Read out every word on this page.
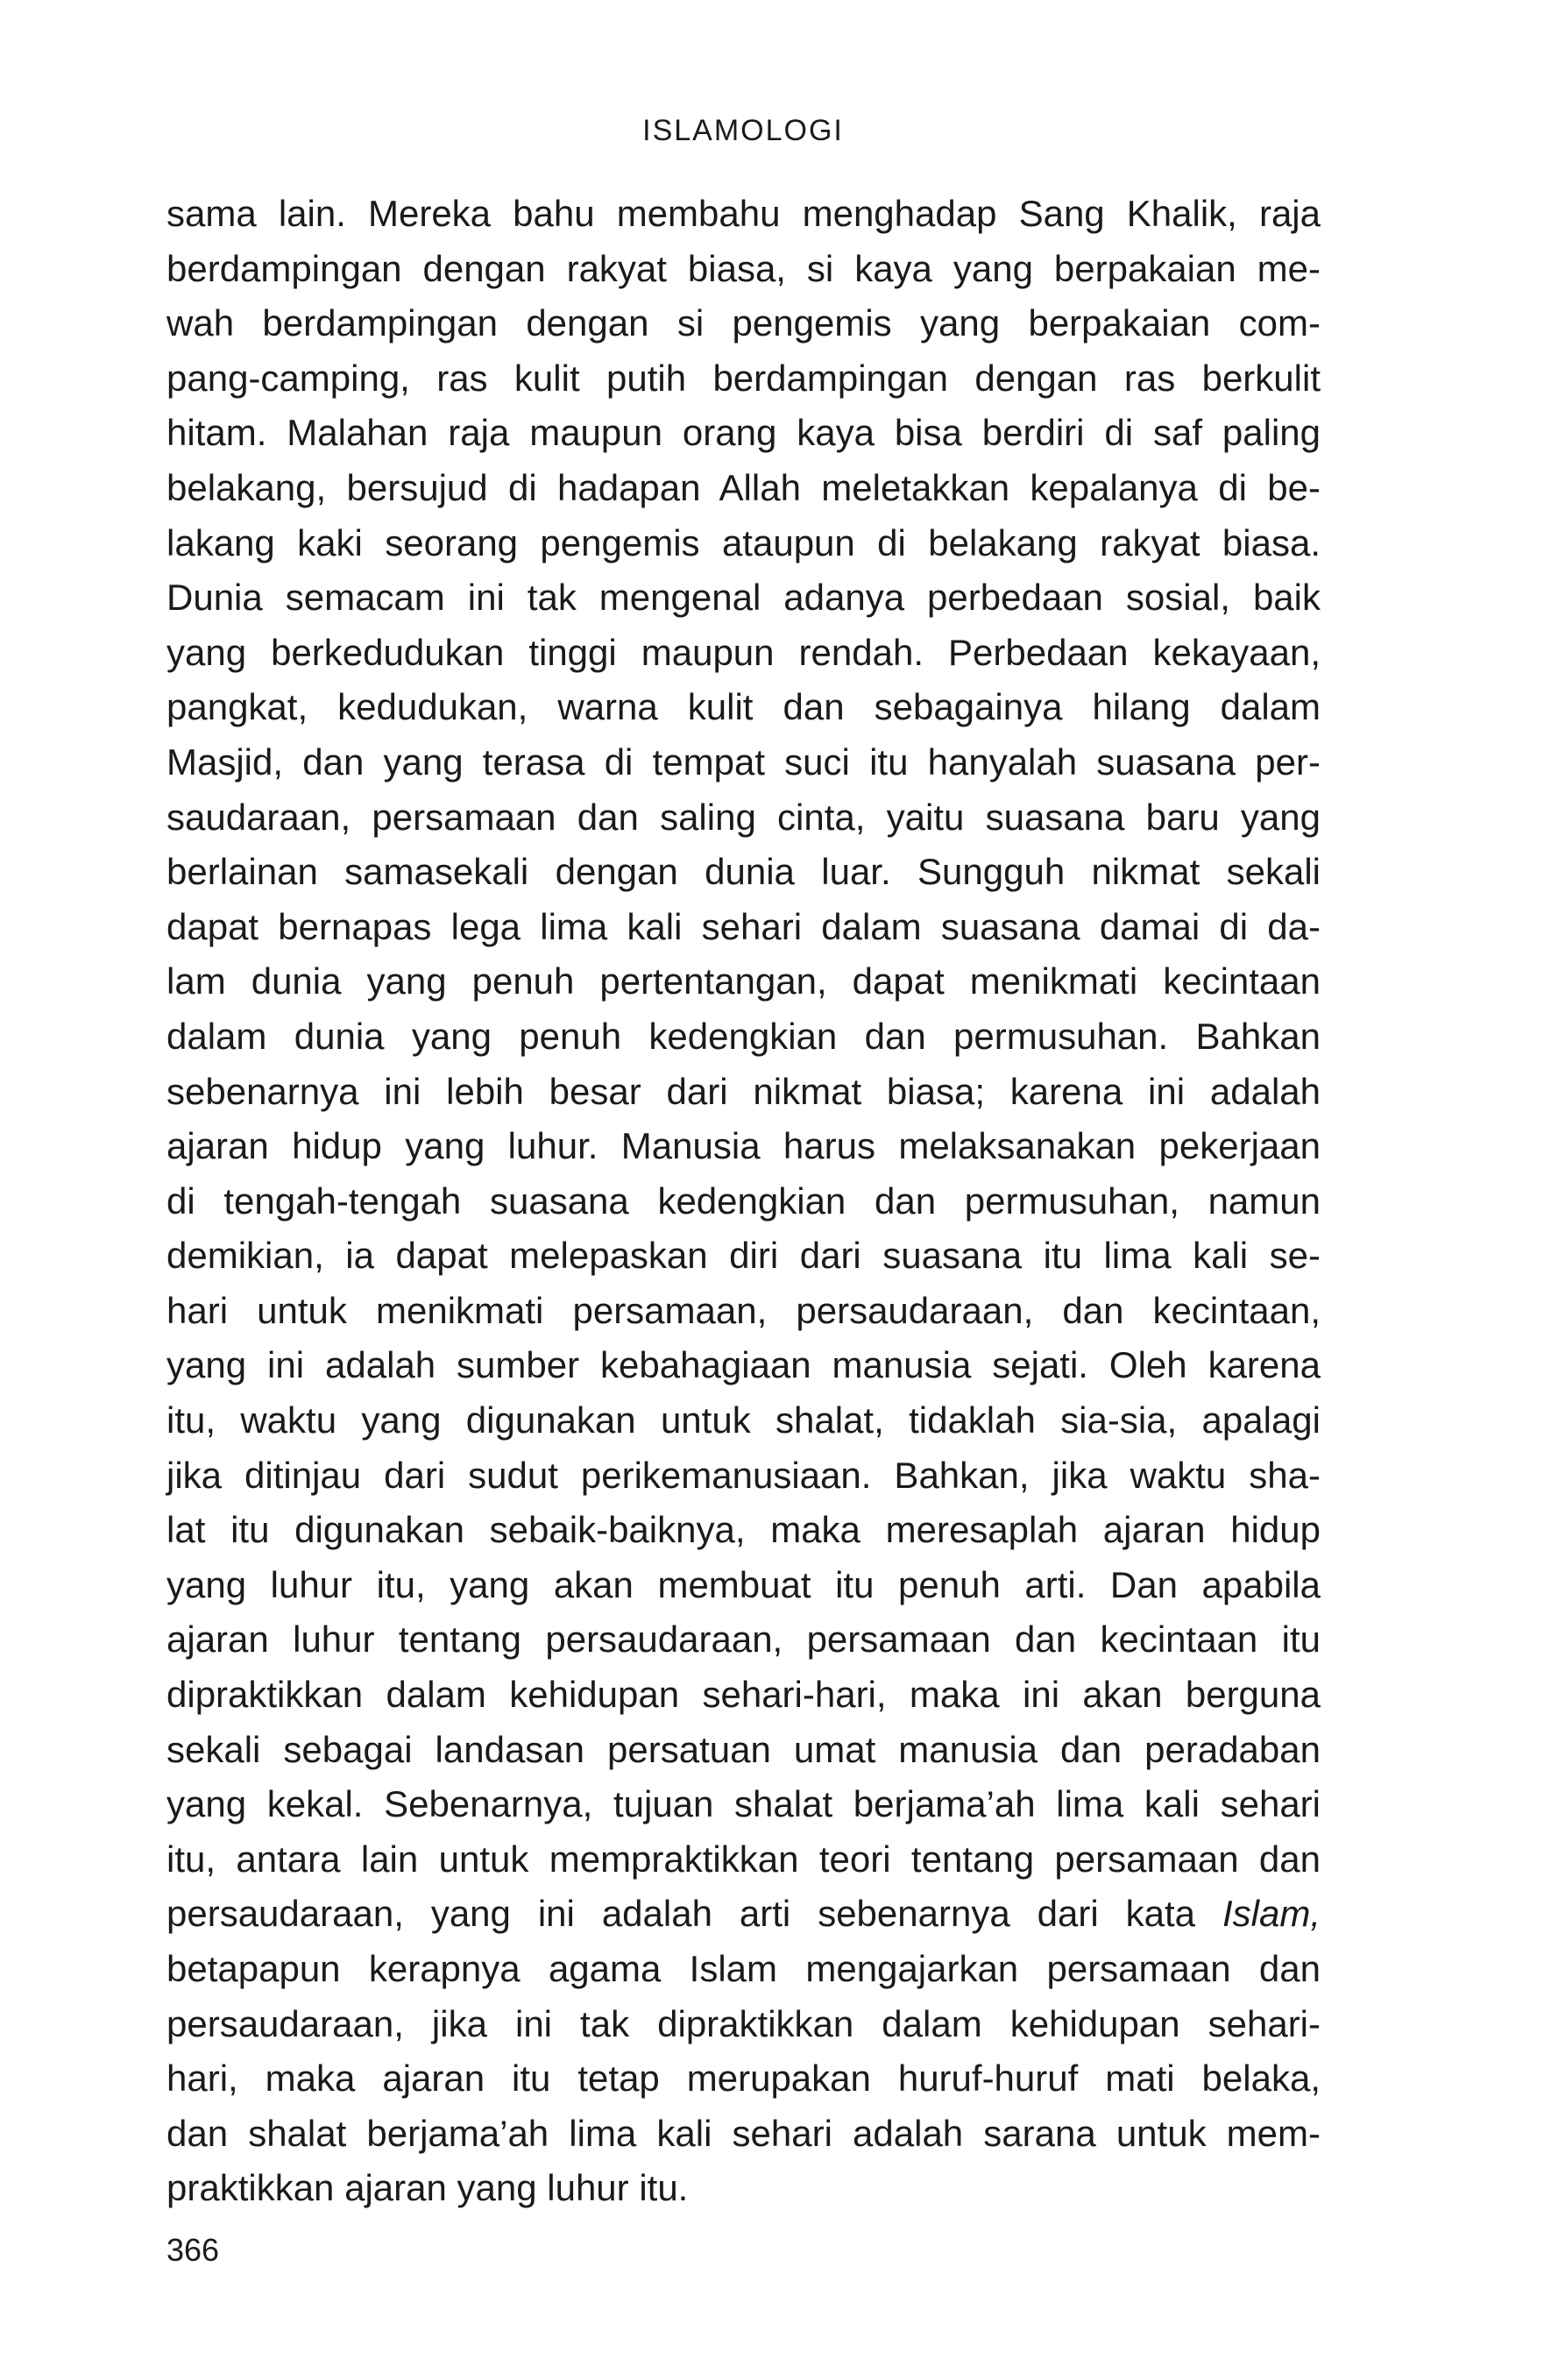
ISLAMOLOGI
sama lain. Mereka bahu membahu menghadap Sang Khalik, raja
berdampingan dengan rakyat biasa, si kaya yang berpakaian me-
wah berdampingan dengan si pengemis yang berpakaian com-
pang-camping, ras kulit putih berdampingan dengan ras berkulit
hitam. Malahan raja maupun orang kaya bisa berdiri di saf paling
belakang, bersujud di hadapan Allah meletakkan kepalanya di be-
lakang kaki seorang pengemis ataupun di belakang rakyat biasa.
Dunia semacam ini tak mengenal adanya perbedaan sosial, baik
yang berkedudukan tinggi maupun rendah. Perbedaan kekayaan,
pangkat, kedudukan, warna kulit dan sebagainya hilang dalam
Masjid, dan yang terasa di tempat suci itu hanyalah suasana per-
saudaraan, persamaan dan saling cinta, yaitu suasana baru yang
berlainan samasekali dengan dunia luar. Sungguh nikmat sekali
dapat bernapas lega lima kali sehari dalam suasana damai di da-
lam dunia yang penuh pertentangan, dapat menikmati kecintaan
dalam dunia yang penuh kedengkian dan permusuhan. Bahkan
sebenarnya ini lebih besar dari nikmat biasa; karena ini adalah
ajaran hidup yang luhur. Manusia harus melaksanakan pekerjaan
di tengah-tengah suasana kedengkian dan permusuhan, namun
demikian, ia dapat melepaskan diri dari suasana itu lima kali se-
hari untuk menikmati persamaan, persaudaraan, dan kecintaan,
yang ini adalah sumber kebahagiaan manusia sejati. Oleh karena
itu, waktu yang digunakan untuk shalat, tidaklah sia-sia, apalagi
jika ditinjau dari sudut perikemanusiaan. Bahkan, jika waktu sha-
lat itu digunakan sebaik-baiknya, maka meresaplah ajaran hidup
yang luhur itu, yang akan membuat itu penuh arti. Dan apabila
ajaran luhur tentang persaudaraan, persamaan dan kecintaan itu
dipraktikkan dalam kehidupan sehari-hari, maka ini akan berguna
sekali sebagai landasan persatuan umat manusia dan peradaban
yang kekal. Sebenarnya, tujuan shalat berjama’ah lima kali sehari
itu, antara lain untuk mempraktikkan teori tentang persamaan dan
persaudaraan, yang ini adalah arti sebenarnya dari kata Islam,
betapapun kerapnya agama Islam mengajarkan persamaan dan
persaudaraan, jika ini tak dipraktikkan dalam kehidupan sehari-
hari, maka ajaran itu tetap merupakan huruf-huruf mati belaka,
dan shalat berjama’ah lima kali sehari adalah sarana untuk mem-
praktikkan ajaran yang luhur itu.
366
